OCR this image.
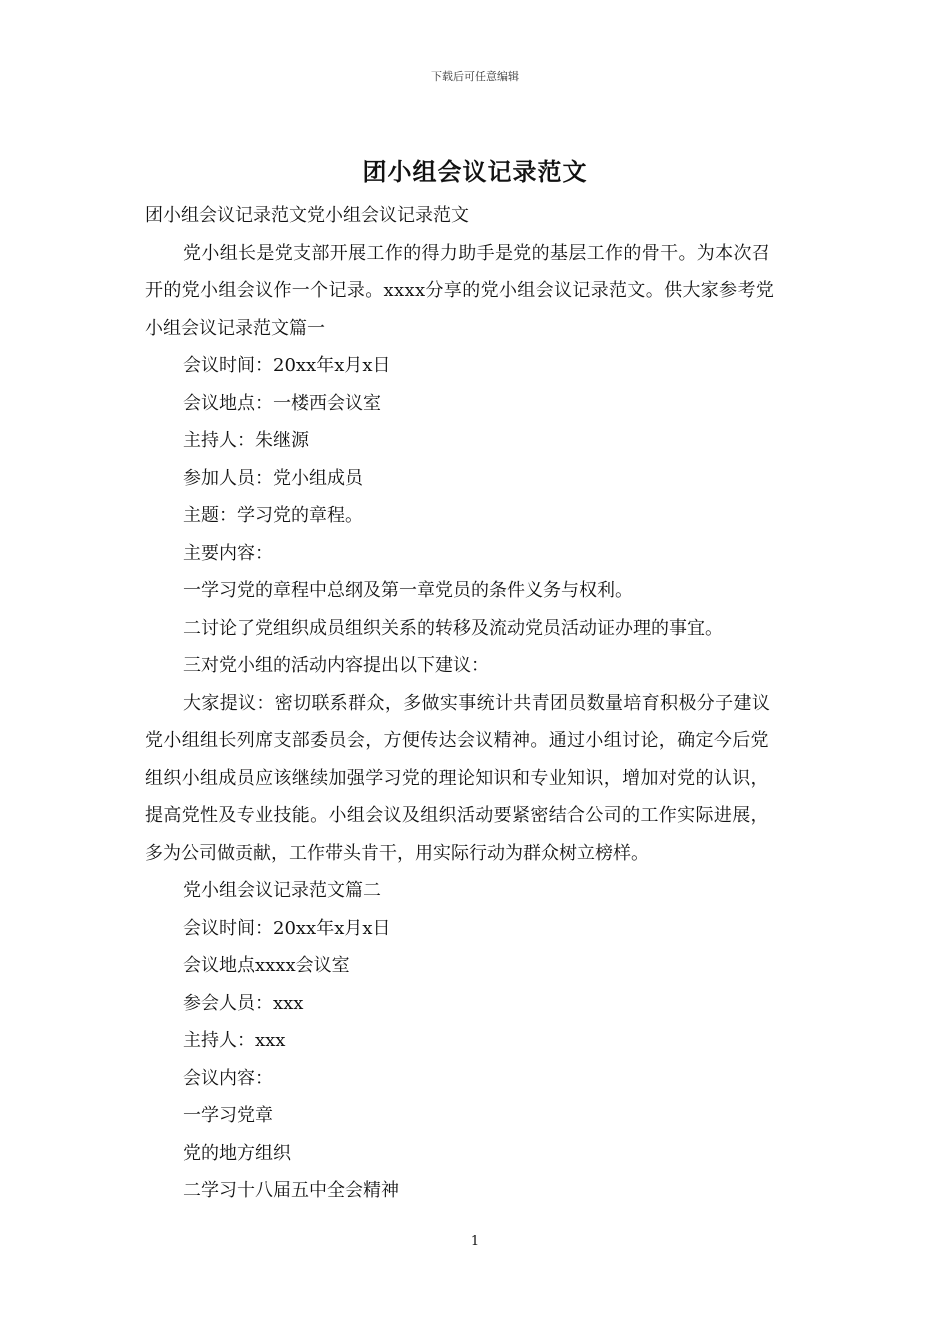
下载后可任意编辑
团小组会议记录范文
团小组会议记录范文党小组会议记录范文
党小组长是党支部开展工作的得力助手是党的基层工作的骨干。为本次召
开的党小组会议作一个记录。xxxx分享的党小组会议记录范文。供大家参考党
小组会议记录范文篇一
会议时间：20xx年x月x日
会议地点：一楼西会议室
主持人：朱继源
参加人员：党小组成员
主题：学习党的章程。
主要内容：
一学习党的章程中总纲及第一章党员的条件义务与权利。
二讨论了党组织成员组织关系的转移及流动党员活动证办理的事宜。
三对党小组的活动内容提出以下建议：
大家提议：密切联系群众，多做实事统计共青团员数量培育积极分子建议
党小组组长列席支部委员会，方便传达会议精神。通过小组讨论，确定今后党
组织小组成员应该继续加强学习党的理论知识和专业知识，增加对党的认识，
提高党性及专业技能。小组会议及组织活动要紧密结合公司的工作实际进展，
多为公司做贡献，工作带头肯干，用实际行动为群众树立榜样。
党小组会议记录范文篇二
会议时间：20xx年x月x日
会议地点xxxx会议室
参会人员：xxx
主持人：xxx
会议内容：
一学习党章
党的地方组织
二学习十八届五中全会精神
1
